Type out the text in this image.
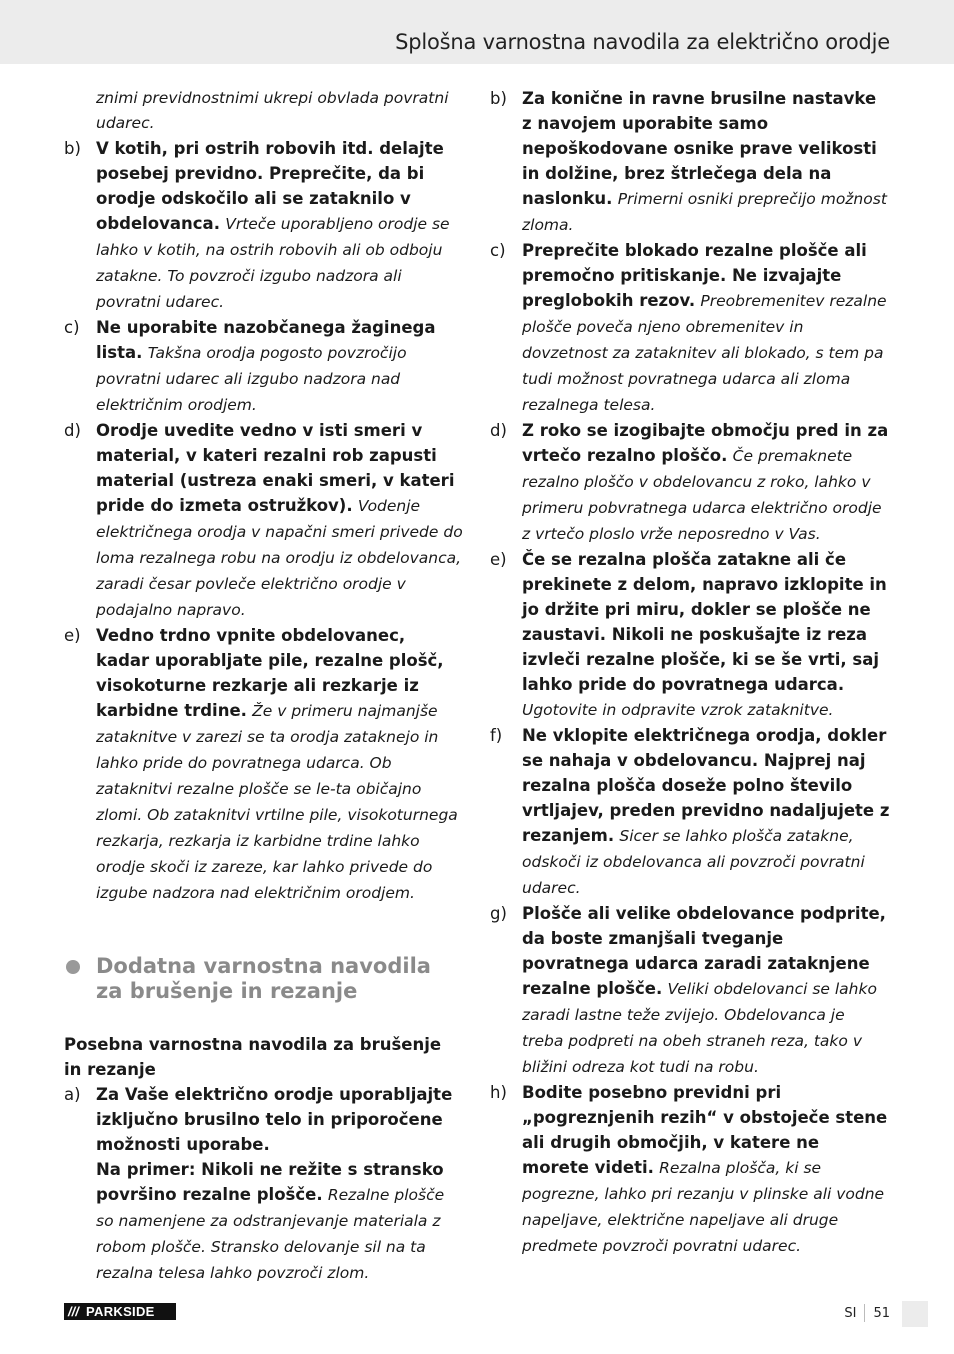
Splošna varnostna navodila za električno orodje
znimi previdnostnimi ukrepi obvlada povratni udarec.
b) V kotih, pri ostrih robovih itd. delajte posebej previdno. Preprečite, da bi orodje odskočilo ali se zataknilo v obdelovanca. Vrteče uporabljeno orodje se lahko v kotih, na ostrih robovih ali ob odboju zatakne. To povzroči izgubo nadzora ali povratni udarec.
c) Ne uporabite nazobčanega žaginega lista. Takšna orodja pogosto povzročijo povratni udarec ali izgubo nadzora nad električnim orodjem.
d) Orodje uvedite vedno v isti smeri v material, v kateri rezalni rob zapusti material (ustreza enaki smeri, v kateri pride do izmeta ostružkov). Vodenje električnega orodja v napačni smeri privede do loma rezalnega robu na orodju iz obdelovanca, zaradi česar povleče električno orodje v podajalno napravo.
e) Vedno trdno vpnite obdelovanec, kadar uporabljate pile, rezalne plošč, visokoturne rezkarje ali rezkarje iz karbidne trdine. Že v primeru najmanjše zataknitve v zarezi se ta orodja zataknejo in lahko pride do povratnega udarca. Ob zataknitvi rezalne plošče se le-ta običajno zlomi. Ob zataknitvi vrtilne pile, visokoturnega rezkarja, rezkarja iz karbidne trdine lahko orodje skoči iz zareze, kar lahko privede do izgube nadzora nad električnim orodjem.
Dodatna varnostna navodila za brušenje in rezanje
Posebna varnostna navodila za brušenje in rezanje
a) Za Vaše električno orodje uporabljajte izključno brusilno telo in priporočene možnosti uporabe.
Na primer: Nikoli ne režite s stransko površino rezalne plošče. Rezalne plošče so namenjene za odstranjevanje materiala z robom plošče. Stransko delovanje sil na ta rezalna telesa lahko povzroči zlom.
b) Za konične in ravne brusilne nastavke z navojem uporabite samo nepoškodovane osnike prave velikosti in dolžine, brez štrlečega dela na naslonku. Primerni osniki preprečijo možnost zloma.
c) Preprečite blokado rezalne plošče ali premočno pritiskanje. Ne izvajajte preglobokih rezov. Preobremenitev rezalne plošče poveča njeno obremenitev in dovzetnost za zataknitev ali blokado, s tem pa tudi možnost povratnega udarca ali zloma rezalnega telesa.
d) Z roko se izogibajte območju pred in za vrtečo rezalno ploščo. Če premaknete rezalno ploščo v obdelovancu z roko, lahko v primeru pobvratnega udarca električno orodje z vrtečo ploslo vrže neposredno v Vas.
e) Če se rezalna plošča zatakne ali če prekinete z delom, napravo izklopite in jo držite pri miru, dokler se plošče ne zaustavi. Nikoli ne poskušajte iz reza izvleči rezalne plošče, ki se še vrti, saj lahko pride do povratnega udarca. Ugotovite in odpravite vzrok zataknitve.
f) Ne vklopite električnega orodja, dokler se nahaja v obdelovancu. Najprej naj rezalna plošča doseže polno število vrtljajev, preden previdno nadaljujete z rezanjem. Sicer se lahko plošča zatakne, odskoči iz obdelovanca ali povzroči povratni udarec.
g) Plošče ali velike obdelovance podprite, da boste zmanjšali tveganje povratnega udarca zaradi zataknjene rezalne plošče. Veliki obdelovanci se lahko zaradi lastne teže zvijejo. Obdelovanca je treba podpreti na obeh straneh reza, tako v bližini odreza kot tudi na robu.
h) Bodite posebno previdni pri „pogreznjenih rezih“ v obstoječe stene ali drugih območjih, v katere ne morete videti. Rezalna plošča, ki se pogrezne, lahko pri rezanju v plinske ali vodne napeljave, električne napeljave ali druge predmete povzroči povratni udarec.
/// PARKSIDE	SI 51
